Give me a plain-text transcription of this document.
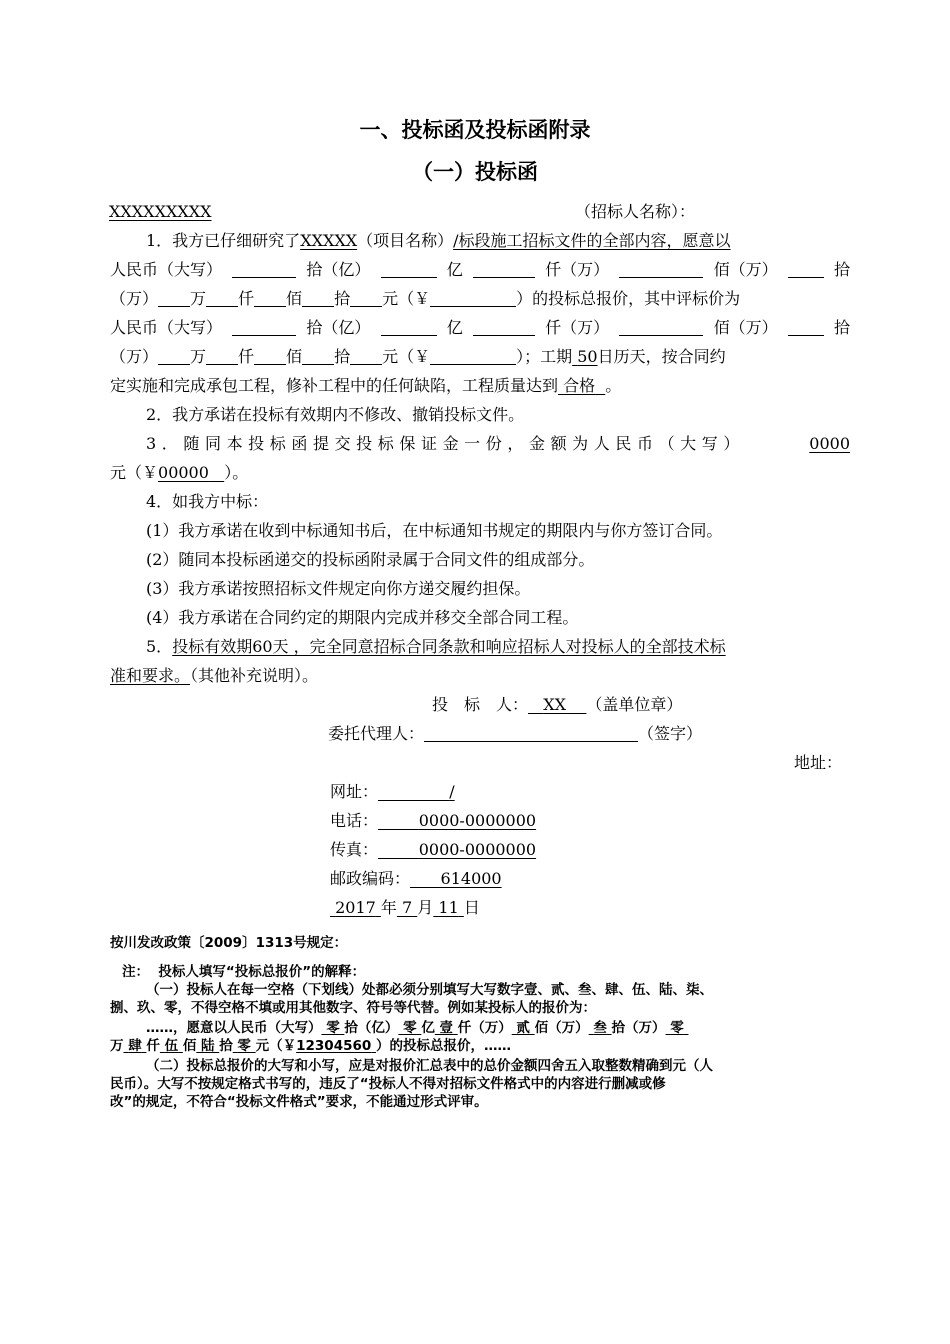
一、投标函及投标函附录
（一）投标函
XXXXXXXXX	（招标人名称）：
1．我方已仔细研究了XXXXX（项目名称）/标段施工招标文件的全部内容，愿意以
人民币（大写）	拾（亿）	亿	仟（万）	佰（万）	拾
（万） 万 仟 佰 拾 元（￥	）的投标总报价，其中评标价为
人民币（大写）	拾（亿）	亿	仟（万）	佰（万）	拾
（万） 万 仟 佰 拾 元（￥	）；工期 50日历天，按合同约
定实施和完成承包工程，修补工程中的任何缺陷，工程质量达到 合格 。
2．我方承诺在投标有效期内不修改、撤销投标文件。
3．随同本投标函提交投标保证金一份，金额为人民币（大写）	0000
元（￥00000 ）。
4．如我方中标：
(1）我方承诺在收到中标通知书后，在中标通知书规定的期限内与你方签订合同。
(2）随同本投标函递交的投标函附录属于合同文件的组成部分。
(3）我方承诺按照招标文件规定向你方递交履约担保。
(4）我方承诺在合同约定的期限内完成并移交全部合同工程。
5．投标有效期60天 ，完全同意招标合同条款和响应招标人对投标人的全部技术标
准和要求。（其他补充说明）。
投　标　人： XX （盖单位章）
委托代理人：	（签字）
地址：
网址：	/
电话：	0000-0000000
传真：	0000-0000000
邮政编码： 614000
2017 年 7 月 11 日
按川发改政策〔2009〕1313号规定：
注： 投标人填写“投标总报价”的解释：
（一）投标人在每一空格（下划线）处都必须分别填写大写数字壹、贰、叁、肆、伍、陆、柒、
捌、玖、零，不得空格不填或用其他数字、符号等代替。例如某投标人的报价为：
……，愿意以人民币（大写） 零 拾（亿） 零 亿 壹 仟（万） 贰 佰（万） 叁 拾（万） 零
万 肆 仟 伍 佰 陆 拾 零 元（￥12304560 ）的投标总报价，……
（二）投标总报价的大写和小写，应是对报价汇总表中的总价金额四舍五入取整数精确到元（人
民币）。大写不按规定格式书写的，违反了“投标人不得对招标文件格式中的内容进行删减或修
改”的规定，不符合“投标文件格式”要求，不能通过形式评审。
